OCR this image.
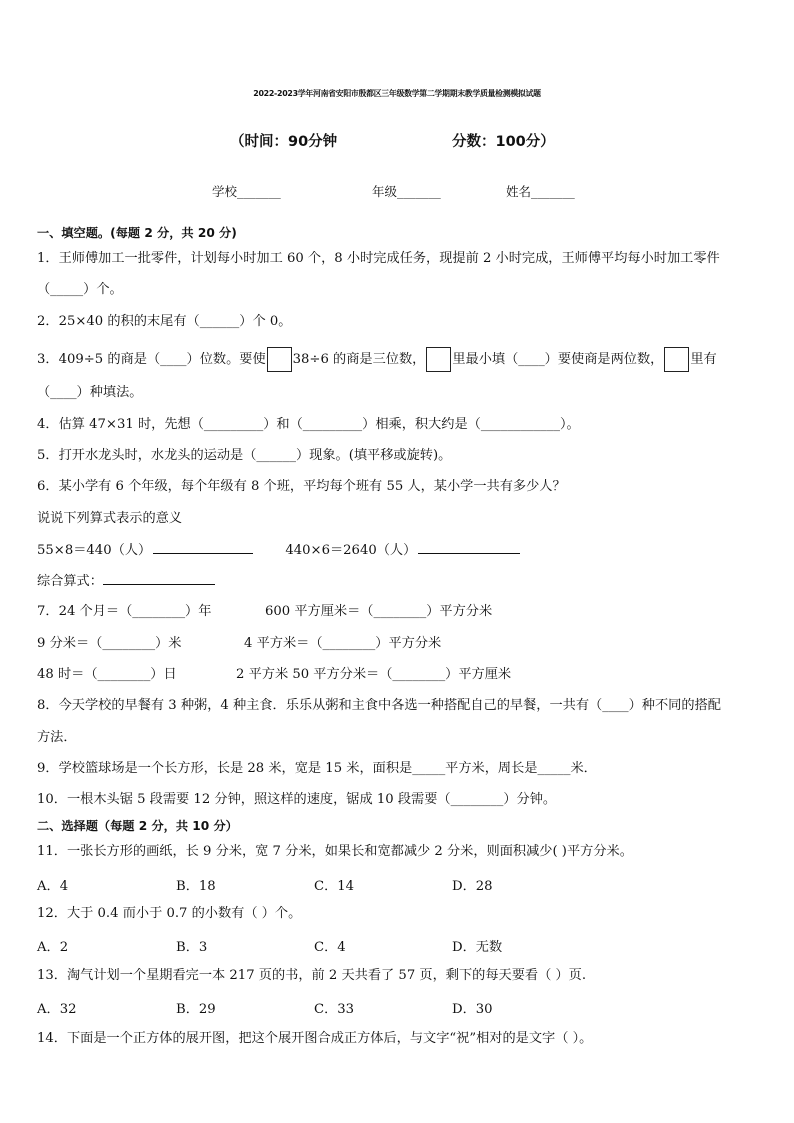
2022-2023学年河南省安阳市殷都区三年级数学第二学期期末教学质量检测模拟试题
（时间：90分钟	分数：100分）
学校_______	年级_______	姓名_______
一、填空题。(每题 2 分，共 20 分)
1．王师傅加工一批零件，计划每小时加工 60 个，8 小时完成任务，现提前 2 小时完成，王师傅平均每小时加工零件
（_____）个。
2．25×40 的积的末尾有（______）个 0。
3．409÷5 的商是（____）位数。要使 38÷6 的商是三位数， 里最小填（____）要使商是两位数， 里有
（____）种填法。
4．估算 47×31 时，先想（_________）和（_________）相乘，积大约是（____________）。
5．打开水龙头时，水龙头的运动是（______）现象。(填平移或旋转)。
6．某小学有 6 个年级，每个年级有 8 个班，平均每个班有 55 人，某小学一共有多少人？
说说下列算式表示的意义
55×8＝440（人）	440×6＝2640（人）
综合算式：
7．24 个月＝（________）年	600 平方厘米＝（________）平方分米
9 分米＝（________）米	4 平方米＝（________）平方分米
48 时＝（________）日	2 平方米 50 平方分米＝（________）平方厘米
8．今天学校的早餐有 3 种粥，4 种主食．乐乐从粥和主食中各选一种搭配自己的早餐，一共有（____）种不同的搭配
方法．
9．学校篮球场是一个长方形，长是 28 米，宽是 15 米，面积是_____平方米，周长是_____米．
10．一根木头锯 5 段需要 12 分钟，照这样的速度，锯成 10 段需要（________）分钟。
二、选择题（每题 2 分，共 10 分）
11．一张长方形的画纸，长 9 分米，宽 7 分米，如果长和宽都减少 2 分米，则面积减少( )平方分米。
A．4	B．18	C．14	D．28
12．大于 0.4 而小于 0.7 的小数有（ ）个。
A．2	B．3	C．4	D．无数
13．淘气计划一个星期看完一本 217 页的书，前 2 天共看了 57 页，剩下的每天要看（ ）页.
A．32	B．29	C．33	D．30
14．下面是一个正方体的展开图，把这个展开图合成正方体后，与文字“祝”相对的是文字（ ）。
